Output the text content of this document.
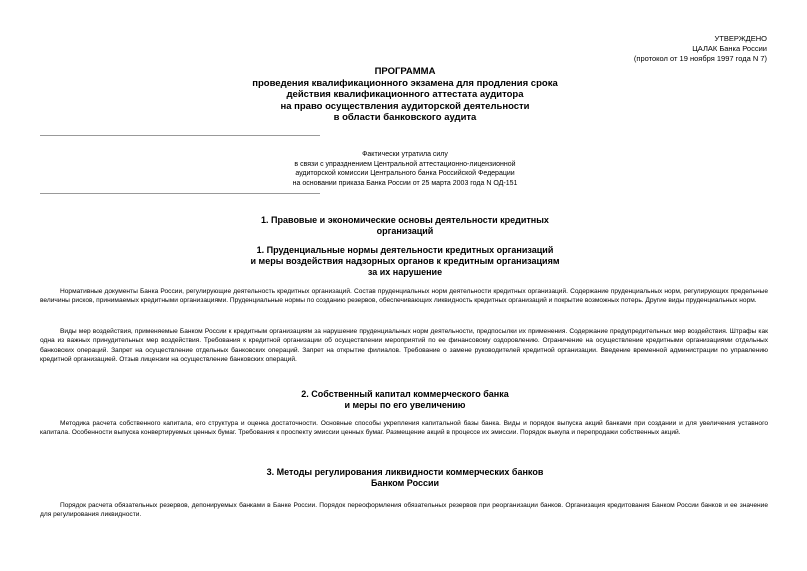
УТВЕРЖДЕНО
ЦАЛАК Банка России
(протокол от 19 ноября 1997 года N 7)
ПРОГРАММА
проведения квалификационного экзамена для продления срока
действия квалификационного аттестата аудитора
на право осуществления аудиторской деятельности
в области банковского аудита
Фактически утратила силу
в связи с упразднением Центральной аттестационно-лицензионной
аудиторской комиссии Центрального банка Российской Федерации
на основании приказа Банка России от 25 марта 2003 года N ОД-151
1. Правовые и экономические основы деятельности кредитных
организаций
1. Пруденциальные нормы деятельности кредитных организаций
и меры воздействия надзорных органов к кредитным организациям
за их нарушение
Нормативные документы Банка России, регулирующие деятельность кредитных организаций. Состав пруденциальных норм деятельности кредитных организаций. Содержание пруденциальных норм, регулирующих предельные величины рисков, принимаемых кредитными организациями. Пруденциальные нормы по созданию резервов, обеспечивающих ликвидность кредитных организаций и покрытие возможных потерь. Другие виды пруденциальных норм.
Виды мер воздействия, применяемые Банком России к кредитным организациям за нарушение пруденциальных норм деятельности, предпосылки их применения. Содержание предупредительных мер воздействия. Штрафы как одна из важных принудительных мер воздействия. Требования к кредитной организации об осуществлении мероприятий по ее финансовому оздоровлению. Ограничение на осуществление кредитными организациями отдельных банковских операций. Запрет на осуществление отдельных банковских операций. Запрет на открытие филиалов. Требование о замене руководителей кредитной организации. Введение временной администрации по управлению кредитной организацией. Отзыв лицензии на осуществление банковских операций.
2. Собственный капитал коммерческого банка
и меры по его увеличению
Методика расчета собственного капитала, его структура и оценка достаточности. Основные способы укрепления капитальной базы банка. Виды и порядок выпуска акций банками при создании и для увеличения уставного капитала. Особенности выпуска конвертируемых ценных бумаг. Требования к проспекту эмиссии ценных бумаг. Размещение акций в процессе их эмиссии. Порядок выкупа и перепродажи собственных акций.
3. Методы регулирования ликвидности коммерческих банков
Банком России
Порядок расчета обязательных резервов, депонируемых банками в Банке России. Порядок переоформления обязательных резервов при реорганизации банков. Организация кредитования Банком России банков и ее значение для регулирования ликвидности.
